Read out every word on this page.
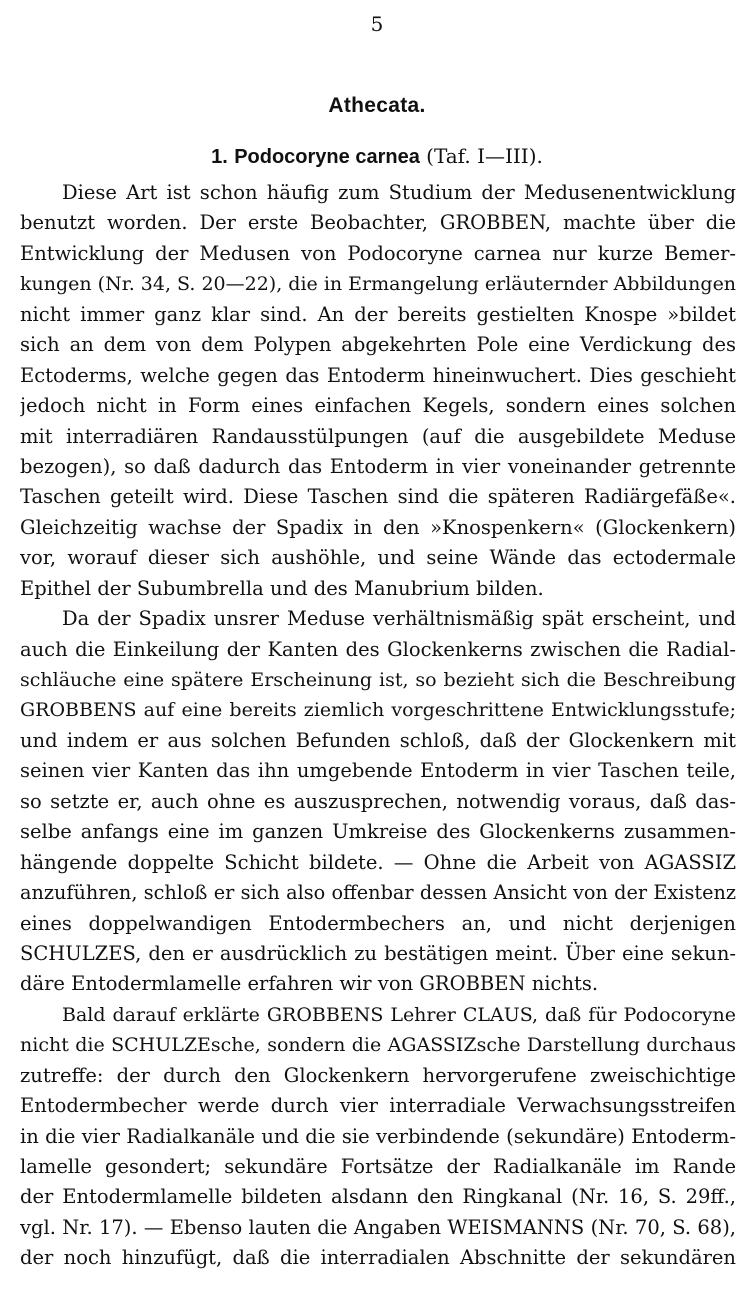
5
Athecata.
1. Podocoryne carnea (Taf. I—III).
Diese Art ist schon häufig zum Studium der Medusenentwicklung
benutzt worden. Der erste Beobachter, GROBBEN, machte über die
Entwicklung der Medusen von Podocoryne carnea nur kurze Bemer-
kungen (Nr. 34, S. 20—22), die in Ermangelung erläuternder Abbildungen
nicht immer ganz klar sind. An der bereits gestielten Knospe »bildet
sich an dem von dem Polypen abgekehrten Pole eine Verdickung des
Ectoderms, welche gegen das Entoderm hineinwuchert. Dies geschieht
jedoch nicht in Form eines einfachen Kegels, sondern eines solchen
mit interradiären Randausstülpungen (auf die ausgebildete Meduse
bezogen), so daß dadurch das Entoderm in vier voneinander getrennte
Taschen geteilt wird. Diese Taschen sind die späteren Radiärgefäße«.
Gleichzeitig wachse der Spadix in den »Knospenkern« (Glockenkern)
vor, worauf dieser sich aushöhle, und seine Wände das ectodermale
Epithel der Subumbrella und des Manubrium bilden.
Da der Spadix unsrer Meduse verhältnismäßig spät erscheint, und
auch die Einkeilung der Kanten des Glockenkerns zwischen die Radial-
schläuche eine spätere Erscheinung ist, so bezieht sich die Beschreibung
GROBBENS auf eine bereits ziemlich vorgeschrittene Entwicklungsstufe;
und indem er aus solchen Befunden schloß, daß der Glockenkern mit
seinen vier Kanten das ihn umgebende Entoderm in vier Taschen teile,
so setzte er, auch ohne es auszusprechen, notwendig voraus, daß das-
selbe anfangs eine im ganzen Umkreise des Glockenkerns zusammen-
hängende doppelte Schicht bildete. — Ohne die Arbeit von AGASSIZ
anzuführen, schloß er sich also offenbar dessen Ansicht von der Existenz
eines doppelwandigen Entodermbechers an, und nicht derjenigen
SCHULZES, den er ausdrücklich zu bestätigen meint. Über eine sekun-
däre Entodermlamelle erfahren wir von GROBBEN nichts.
Bald darauf erklärte GROBBENS Lehrer CLAUS, daß für Podocoryne
nicht die SCHULZEsche, sondern die AGASSIZsche Darstellung durchaus
zutreffe: der durch den Glockenkern hervorgerufene zweischichtige
Entodermbecher werde durch vier interradiale Verwachsungsstreifen
in die vier Radialkanäle und die sie verbindende (sekundäre) Entoderm-
lamelle gesondert; sekundäre Fortsätze der Radialkanäle im Rande
der Entodermlamelle bildeten alsdann den Ringkanal (Nr. 16, S. 29ff.,
vgl. Nr. 17). — Ebenso lauten die Angaben WEISMANNS (Nr. 70, S. 68),
der noch hinzufügt, daß die interradialen Abschnitte der sekundären
